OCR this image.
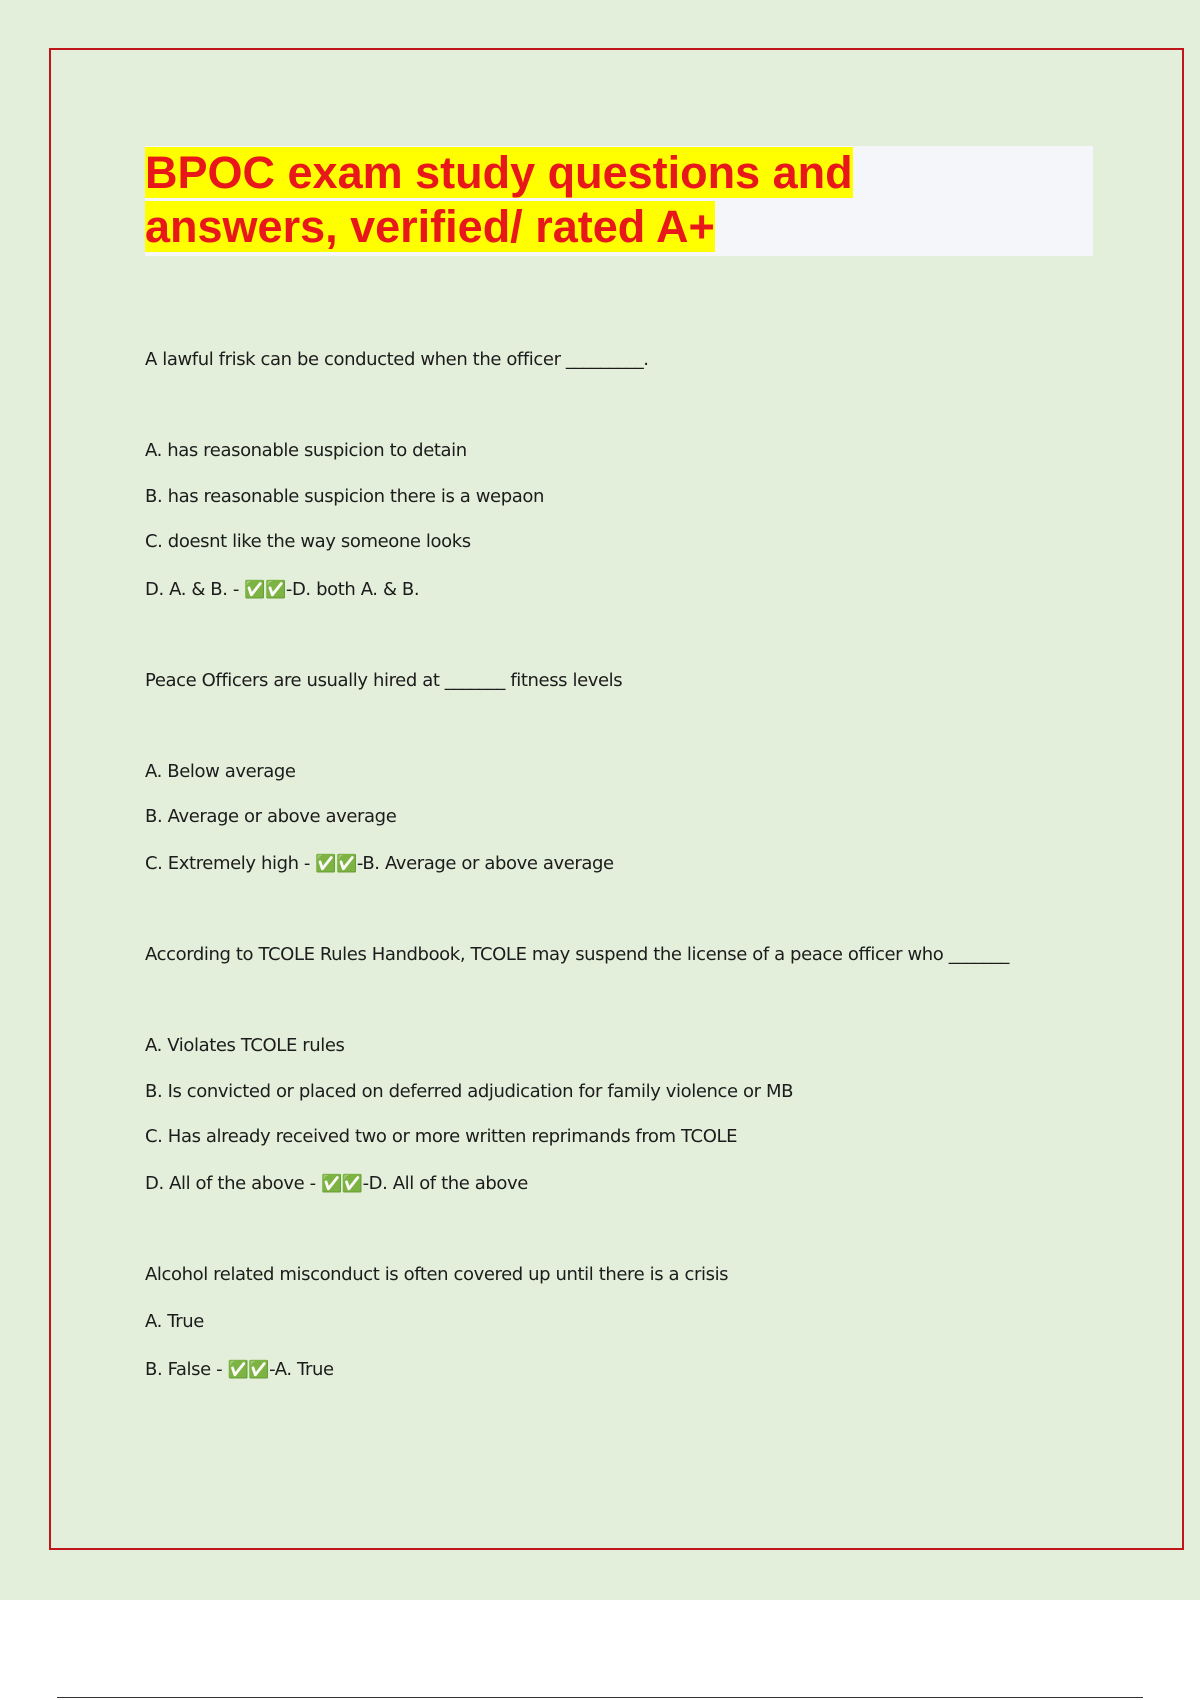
BPOC exam study questions and
answers, verified/ rated A+
A lawful frisk can be conducted when the officer _________.
A. has reasonable suspicion to detain
B. has reasonable suspicion there is a wepaon
C. doesnt like the way someone looks
D. A. & B. - ✅✅-D. both A. & B.
Peace Officers are usually hired at _______ fitness levels
A. Below average
B. Average or above average
C. Extremely high - ✅✅-B. Average or above average
According to TCOLE Rules Handbook, TCOLE may suspend the license of a peace officer who _______
A. Violates TCOLE rules
B. Is convicted or placed on deferred adjudication for family violence or MB
C. Has already received two or more written reprimands from TCOLE
D. All of the above - ✅✅-D. All of the above
Alcohol related misconduct is often covered up until there is a crisis
A. True
B. False - ✅✅-A. True
